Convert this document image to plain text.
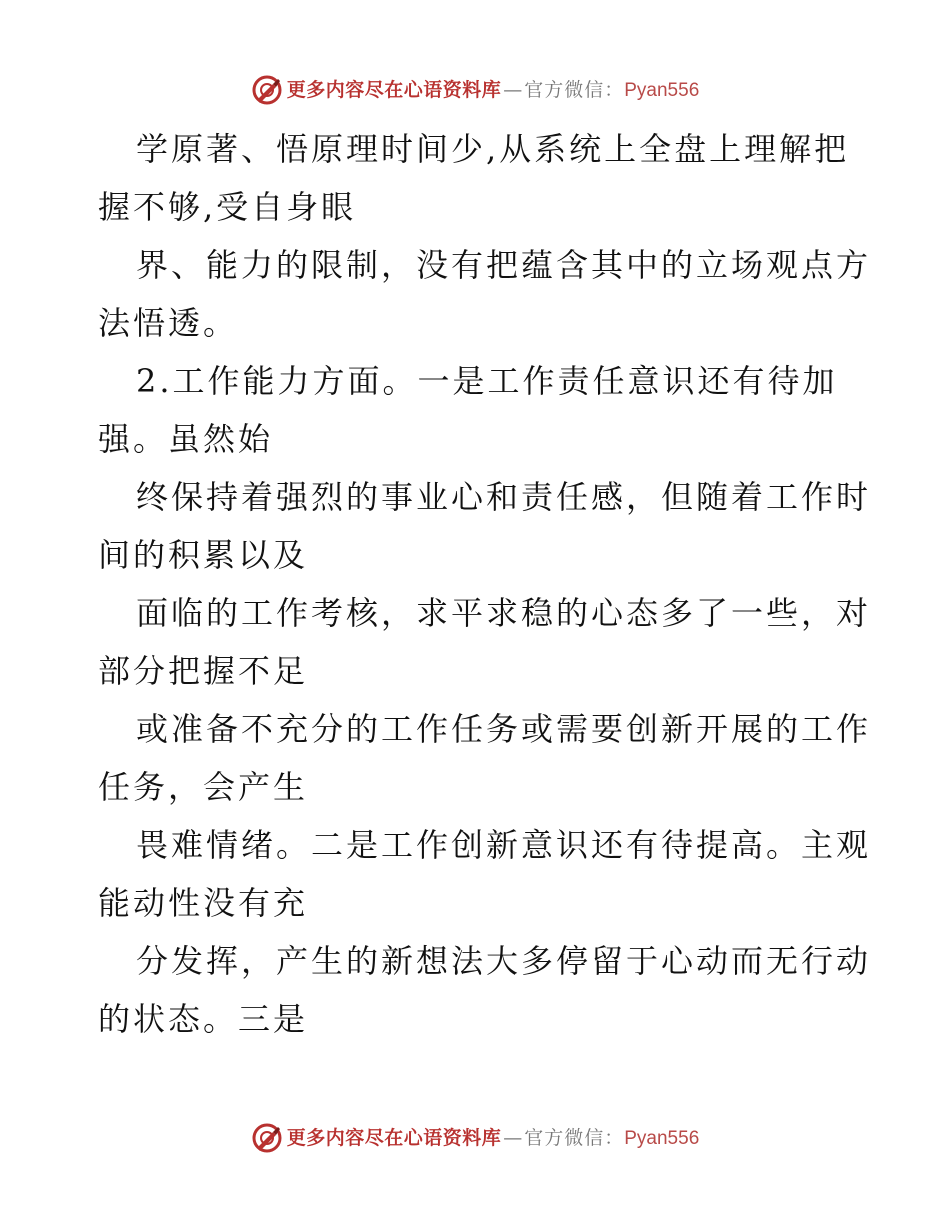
更多内容尽在心语资料库 — 官方微信： Pyan556
学原著、悟原理时间少,从系统上全盘上理解把
握不够,受自身眼
界、能力的限制，没有把蕴含其中的立场观点方
法悟透。
2.工作能力方面。一是工作责任意识还有待加
强。虽然始
终保持着强烈的事业心和责任感，但随着工作时
间的积累以及
面临的工作考核，求平求稳的心态多了一些，对
部分把握不足
或准备不充分的工作任务或需要创新开展的工作
任务，会产生
畏难情绪。二是工作创新意识还有待提高。主观
能动性没有充
分发挥，产生的新想法大多停留于心动而无行动
的状态。三是
更多内容尽在心语资料库 — 官方微信： Pyan556
